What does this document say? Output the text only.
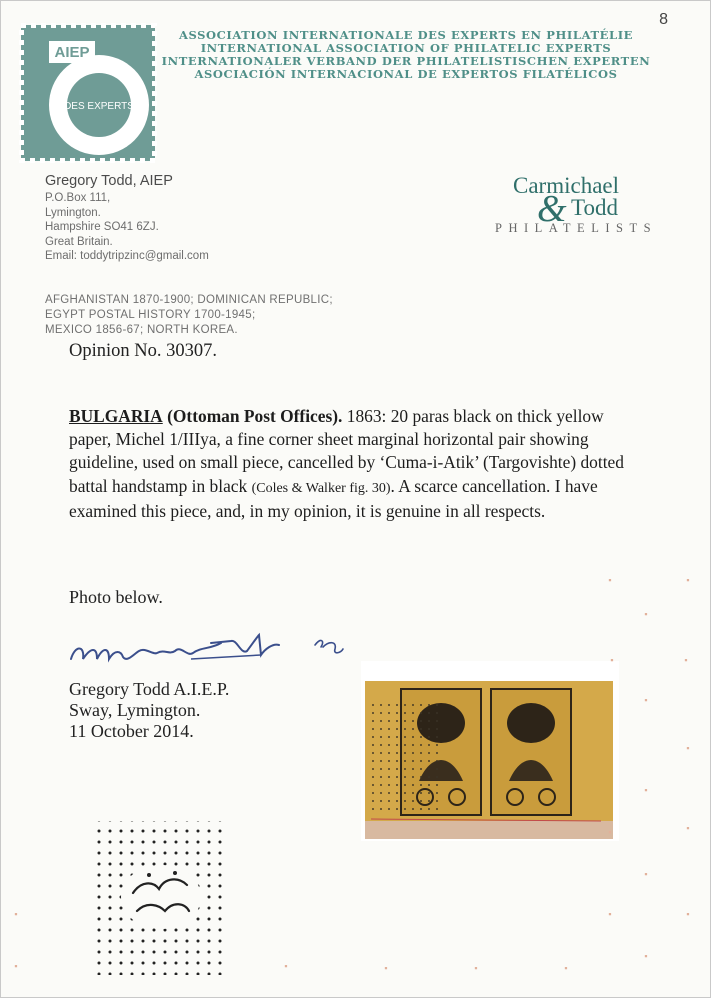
8
DES EXPERTS
AIEP
ASSOCIATION INTERNATIONALE DES EXPERTS EN PHILATÉLIE
INTERNATIONAL ASSOCIATION OF PHILATELIC EXPERTS
INTERNATIONALER VERBAND DER PHILATELISTISCHEN EXPERTEN
ASOCIACIÓN INTERNACIONAL DE EXPERTOS FILATÉLICOS
Gregory Todd, AIEP
P.O.Box 111,
Lymington.
Hampshire SO41 6ZJ.
Great Britain.
Email: toddytripzinc@gmail.com
AFGHANISTAN 1870-1900; DOMINICAN REPUBLIC;
EGYPT POSTAL HISTORY 1700-1945;
MEXICO 1856-67; NORTH KOREA.
Carmichael
& Todd
PHILATELISTS
Opinion No. 30307.
BULGARIA (Ottoman Post Offices). 1863: 20 paras black on thick yellow paper, Michel 1/IIIya, a fine corner sheet marginal horizontal pair showing guideline, used on small piece, cancelled by ‘Cuma-i-Atik’ (Targovishte) dotted battal handstamp in black (Coles & Walker fig. 30). A scarce cancellation. I have examined this piece, and, in my opinion, it is genuine in all respects.
Photo below.
Gregory Todd A.I.E.P.
Sway, Lymington.
11 October 2014.
▪	▪
▪
▪	▪
▪
▪
▪
▪
▪
▪
▪	▪
▪
▪
▪	▪	▪	▪	▪
